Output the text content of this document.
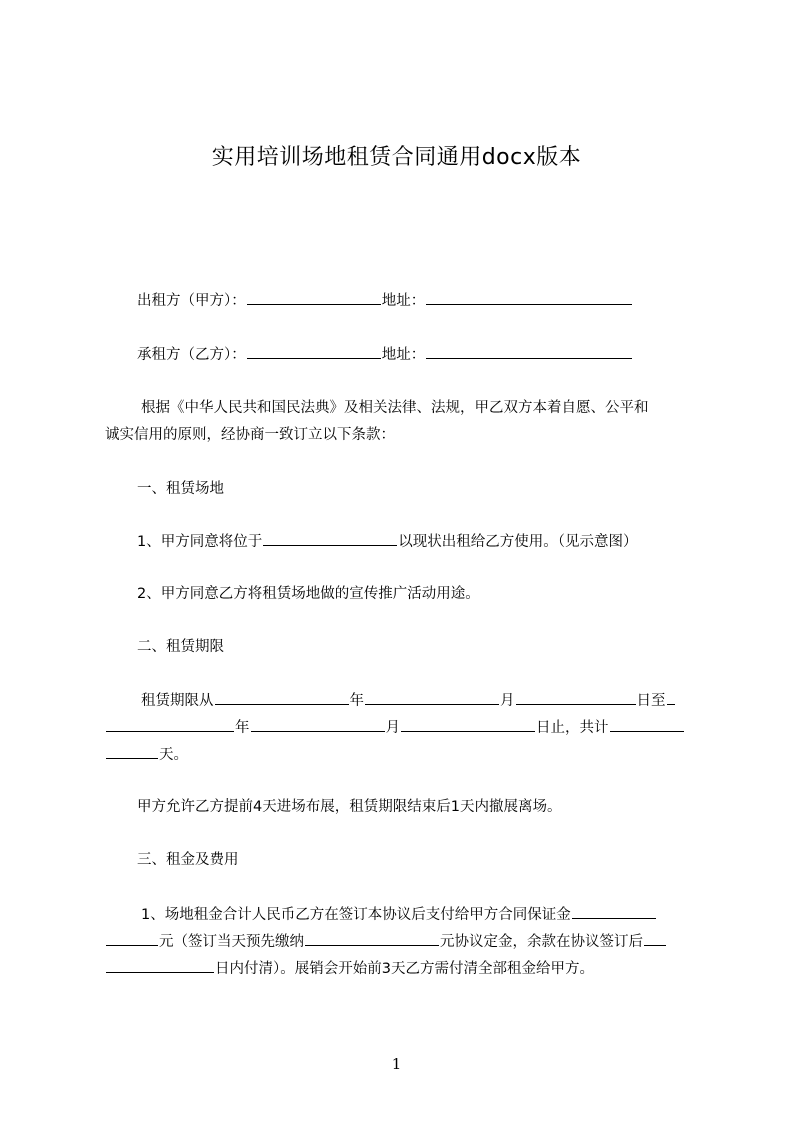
实用培训场地租赁合同通用docx版本
出租方（甲方）：	地址：
承租方（乙方）：	地址：
根据《中华人民共和国民法典》及相关法律、法规，甲乙双方本着自愿、公平和
诚实信用的原则，经协商一致订立以下条款：
一、租赁场地
1、甲方同意将位于	以现状出租给乙方使用。（见示意图）
2、甲方同意乙方将租赁场地做的宣传推广活动用途。
二、租赁期限
租赁期限从	年	月	日至
年	月	日止，共计
天。
甲方允许乙方提前4天进场布展，租赁期限结束后1天内撤展离场。
三、租金及费用
1、场地租金合计人民币乙方在签订本协议后支付给甲方合同保证金
元（签订当天预先缴纳	元协议定金，余款在协议签订后
日内付清）。展销会开始前3天乙方需付清全部租金给甲方。
1
